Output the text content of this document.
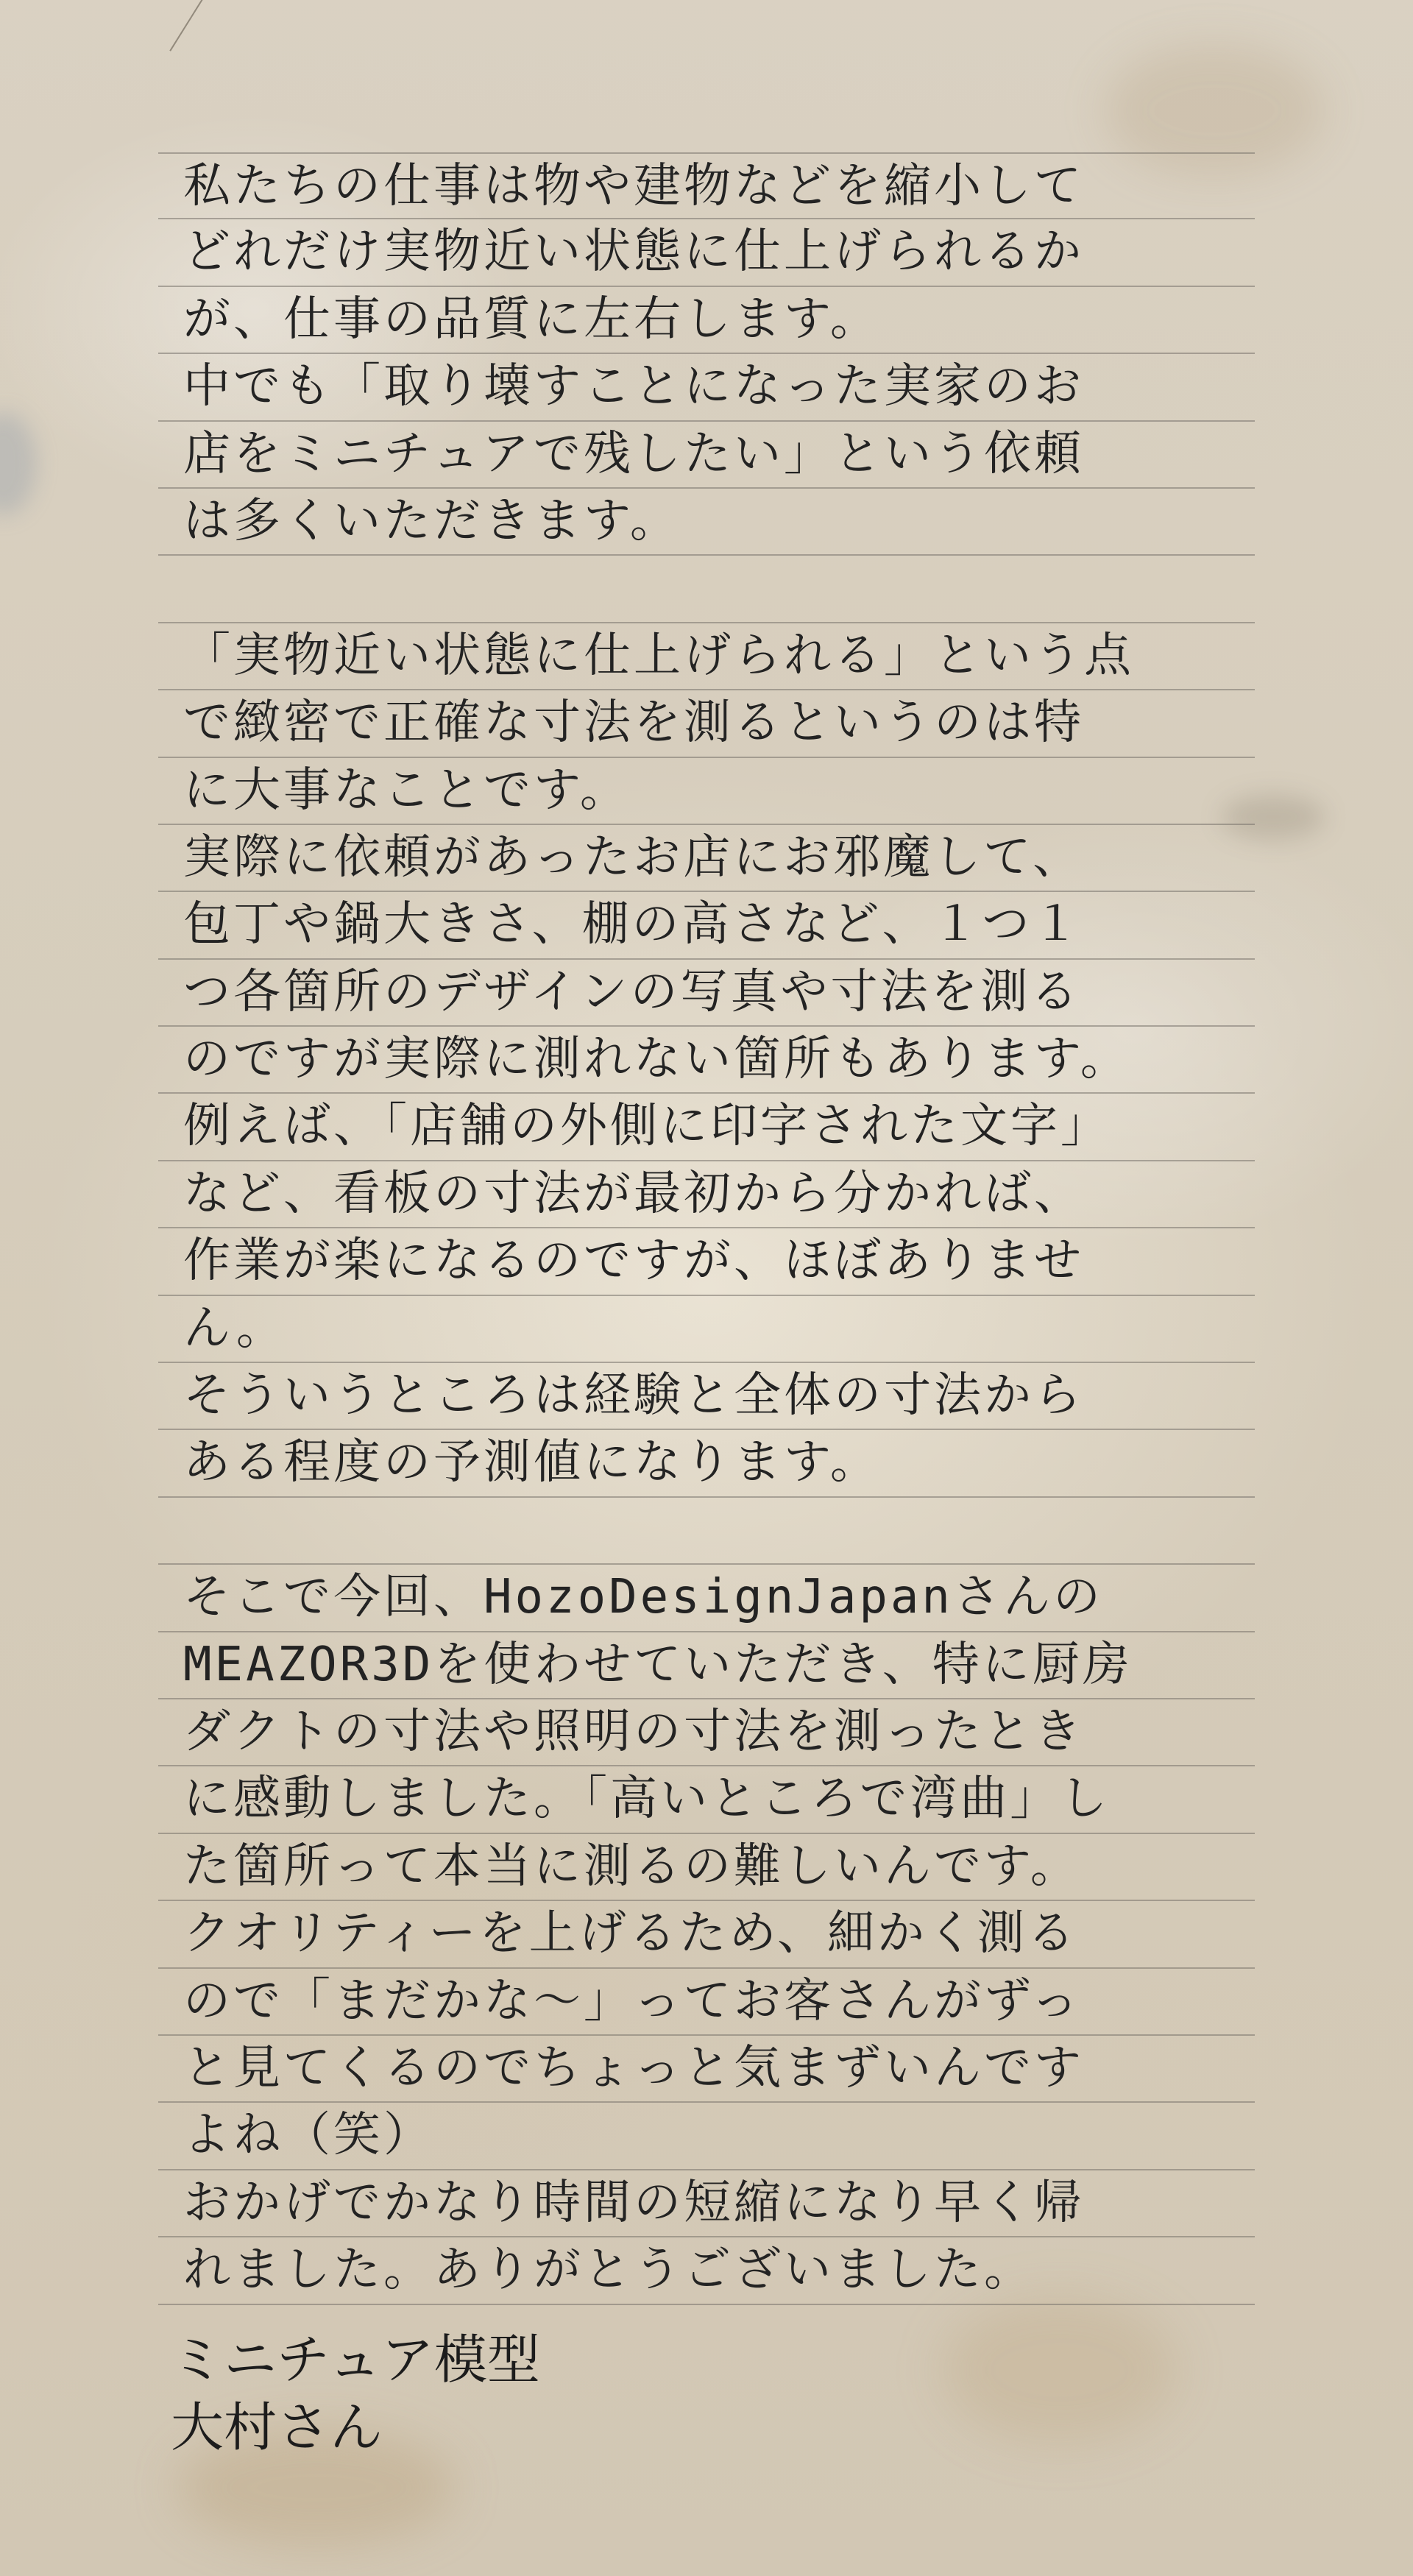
私たちの仕事は物や建物などを縮小して
どれだけ実物近い状態に仕上げられるか
が、仕事の品質に左右します。
中でも「取り壊すことになった実家のお
店をミニチュアで残したい」という依頼
は多くいただきます。
「実物近い状態に仕上げられる」という点
で緻密で正確な寸法を測るというのは特
に大事なことです。
実際に依頼があったお店にお邪魔して、
包丁や鍋大きさ、棚の高さなど、１つ１
つ各箇所のデザインの写真や寸法を測る
のですが実際に測れない箇所もあります。
例えば、「店舗の外側に印字された文字」
など、看板の寸法が最初から分かれば、
作業が楽になるのですが、ほぼありませ
ん。
そういうところは経験と全体の寸法から
ある程度の予測値になります。
そこで今回、HozoDesignJapanさんの
MEAZOR3Dを使わせていただき、特に厨房
ダクトの寸法や照明の寸法を測ったとき
に感動しました。「高いところで湾曲」し
た箇所って本当に測るの難しいんです。
クオリティーを上げるため、細かく測る
ので「まだかな～」ってお客さんがずっ
と見てくるのでちょっと気まずいんです
よね（笑）
おかげでかなり時間の短縮になり早く帰
れました。ありがとうございました。
ミニチュア模型
大村さん
